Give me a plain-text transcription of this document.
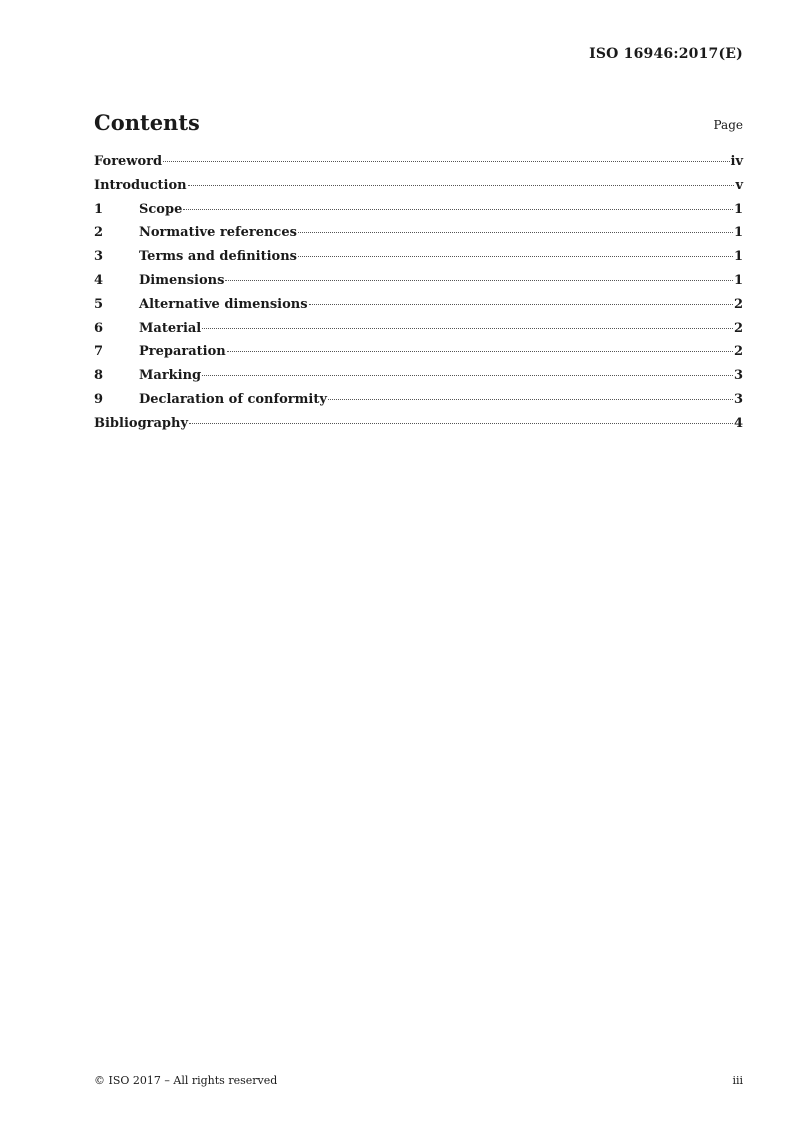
ISO 16946:2017(E)
Contents	Page
Foreword	iv
Introduction	v
1	Scope	1
2	Normative references	1
3	Terms and definitions	1
4	Dimensions	1
5	Alternative dimensions	2
6	Material	2
7	Preparation	2
8	Marking	3
9	Declaration of conformity	3
Bibliography	4
© ISO 2017 – All rights reserved	iii
